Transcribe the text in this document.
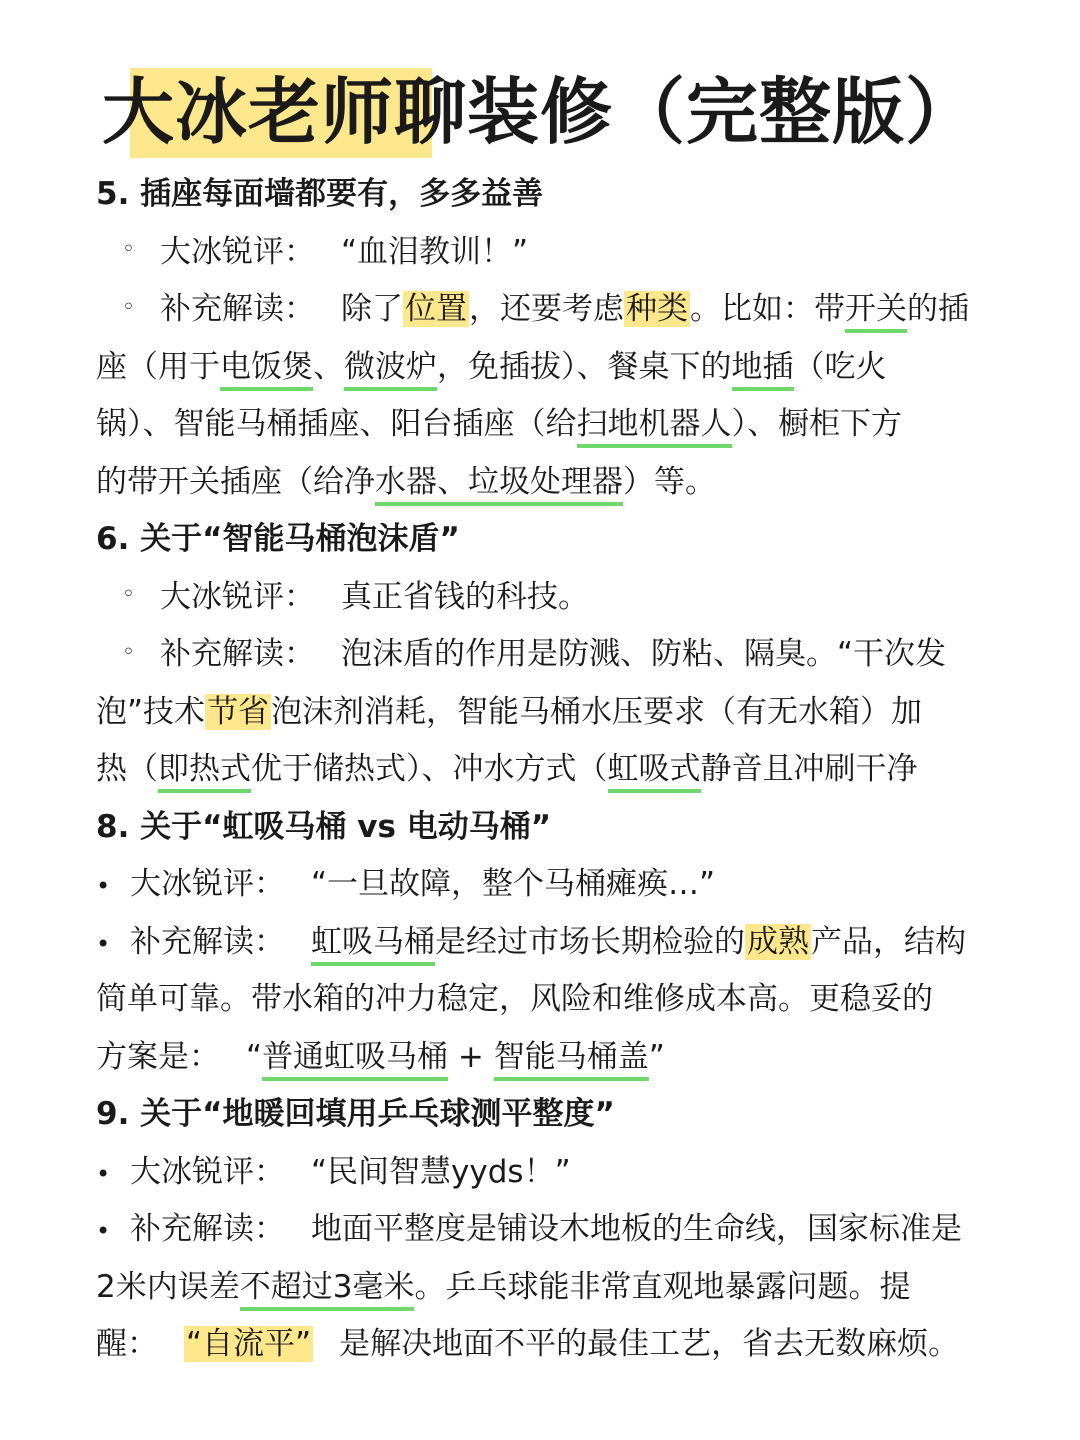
大冰老师聊装修（完整版）
5. 插座每面墙都要有，多多益善
◦ 大冰锐评： “血泪教训！”
◦ 补充解读： 除了位置，还要考虑种类。比如：带开关的插
座（用于电饭煲、微波炉，免插拔）、餐桌下的地插（吃火
锅）、智能马桶插座、阳台插座（给扫地机器人）、橱柜下方
的带开关插座（给净水器、垃圾处理器）等。
6. 关于“智能马桶泡沫盾”
◦ 大冰锐评： 真正省钱的科技。
◦ 补充解读： 泡沫盾的作用是防溅、防粘、隔臭。“干次发
泡”技术节省泡沫剂消耗，智能马桶水压要求（有无水箱）加
热（即热式优于储热式）、冲水方式（虹吸式静音且冲刷干净
8. 关于“虹吸马桶 vs 电动马桶”
• 大冰锐评： “一旦故障，整个马桶瘫痪…”
• 补充解读： 虹吸马桶是经过市场长期检验的成熟产品，结构
简单可靠。带水箱的冲力稳定，风险和维修成本高。更稳妥的
方案是： “普通虹吸马桶 + 智能马桶盖”
9. 关于“地暖回填用乒乓球测平整度”
• 大冰锐评： “民间智慧yyds！”
• 补充解读： 地面平整度是铺设木地板的生命线，国家标准是
2米内误差不超过3毫米。乒乓球能非常直观地暴露问题。提
醒： “自流平” 是解决地面不平的最佳工艺，省去无数麻烦。
